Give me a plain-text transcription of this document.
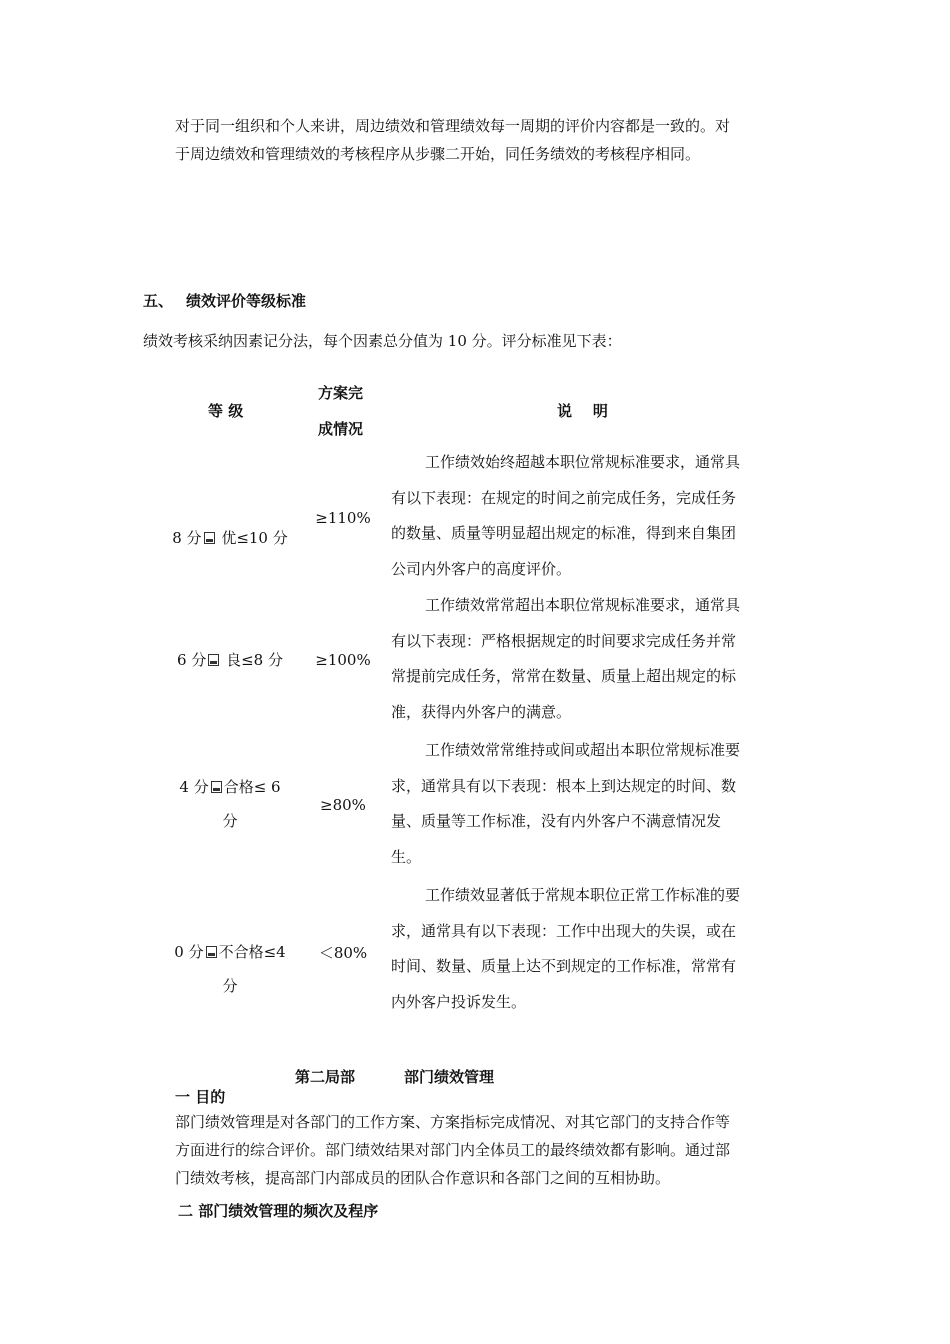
对于同一组织和个人来讲，周边绩效和管理绩效每一周期的评价内容都是一致的。对
于周边绩效和管理绩效的考核程序从步骤二开始，同任务绩效的考核程序相同。
五、 绩效评价等级标准
绩效考核采纳因素记分法，每个因素总分值为 10 分。评分标准见下表：
等 级
方案完
成情况
说    明
8 分 优≤10 分
≥110%
工作绩效始终超越本职位常规标准要求，通常具
有以下表现：在规定的时间之前完成任务，完成任务
的数量、质量等明显超出规定的标准，得到来自集团
公司内外客户的高度评价。
6 分 良≤8 分	≥100%
工作绩效常常超出本职位常规标准要求，通常具
有以下表现：严格根据规定的时间要求完成任务并常
常提前完成任务，常常在数量、质量上超出规定的标
准，获得内外客户的满意。
4 分 合格≤ 6
分
≥80%
工作绩效常常维持或间或超出本职位常规标准要
求，通常具有以下表现：根本上到达规定的时间、数
量、质量等工作标准，没有内外客户不满意情况发
生。
0 分 不合格≤4
分
＜80%
工作绩效显著低于常规本职位正常工作标准的要
求，通常具有以下表现：工作中出现大的失误，或在
时间、数量、质量上达不到规定的工作标准，常常有
内外客户投诉发生。
第二局部	部门绩效管理
一 目的
部门绩效管理是对各部门的工作方案、方案指标完成情况、对其它部门的支持合作等
方面进行的综合评价。部门绩效结果对部门内全体员工的最终绩效都有影响。通过部
门绩效考核，提高部门内部成员的团队合作意识和各部门之间的互相协助。
二 部门绩效管理的频次及程序
